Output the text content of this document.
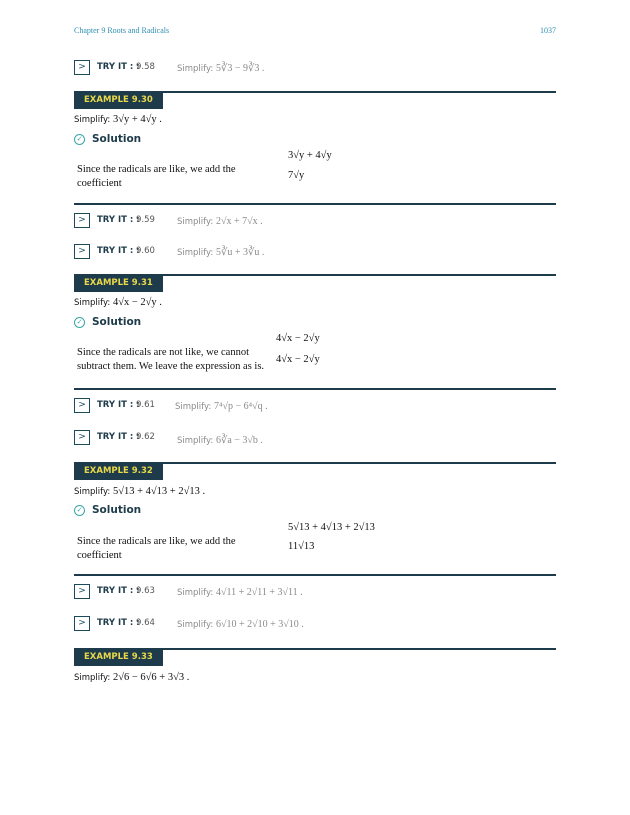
Chapter 9 Roots and Radicals	1037
>	TRY IT : :
9.58	Simplify: 5∛3 − 9∛3 .
EXAMPLE 9.30
Simplify: 3√y + 4√y .
✓ Solution
3√y + 4√y
Since the radicals are like, we add the coefficient
7√y
>	TRY IT : :
9.59	Simplify: 2√x + 7√x .
>	TRY IT : :
9.60	Simplify: 5∛u + 3∛u .
EXAMPLE 9.31
Simplify: 4√x − 2√y .
✓ Solution
4√x − 2√y
Since the radicals are not like, we cannot subtract them. We leave the expression as is.
4√x − 2√y
>	TRY IT : :
9.61 Simplify: 7⁴√p − 6⁴√q .
>	TRY IT : :
9.62	Simplify: 6∛a − 3√b .
EXAMPLE 9.32
Simplify: 5√13 + 4√13 + 2√13 .
✓ Solution
5√13 + 4√13 + 2√13
Since the radicals are like, we add the coefficient
11√13
>	TRY IT : :
9.63	Simplify: 4√11 + 2√11 + 3√11 .
>	TRY IT : :
9.64	Simplify: 6√10 + 2√10 + 3√10 .
EXAMPLE 9.33
Simplify: 2√6 − 6√6 + 3√3 .
